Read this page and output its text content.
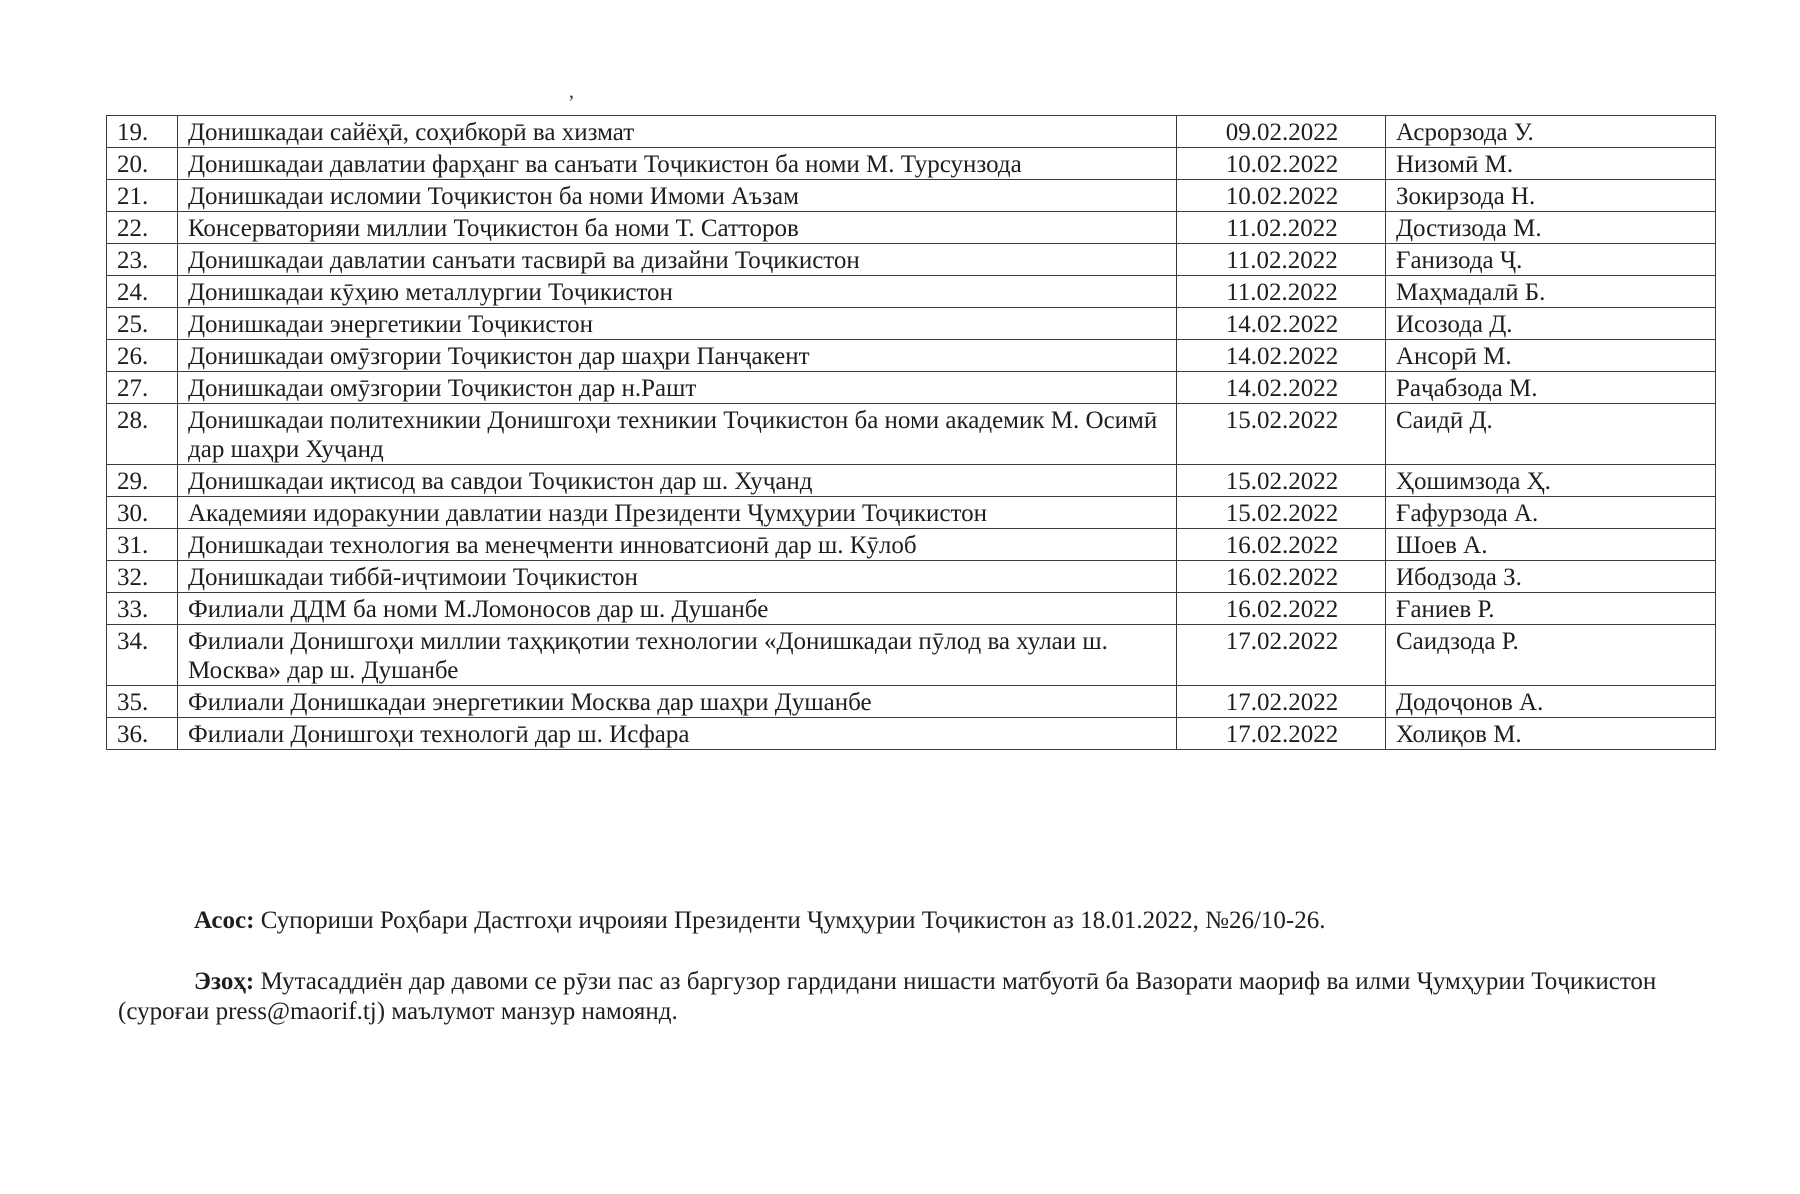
ʼ
19.	Донишкадаи сайёҳӣ, соҳибкорӣ ва хизмат	09.02.2022	Асрорзода У.
20.	Донишкадаи давлатии фарҳанг ва санъати Тоҷикистон ба номи М. Турсунзода	10.02.2022	Низомӣ М.
21.	Донишкадаи исломии Тоҷикистон ба номи Имоми Аъзам	10.02.2022	Зокирзода Н.
22.	Консерваторияи миллии Тоҷикистон ба номи Т. Сатторов	11.02.2022	Достизода М.
23.	Донишкадаи давлатии санъати тасвирӣ ва дизайни Тоҷикистон	11.02.2022	Ғанизода Ҷ.
24.	Донишкадаи кӯҳию металлургии Тоҷикистон	11.02.2022	Маҳмадалӣ Б.
25.	Донишкадаи энергетикии Тоҷикистон	14.02.2022	Исозода Д.
26.	Донишкадаи омӯзгории Тоҷикистон дар шаҳри Панҷакент	14.02.2022	Ансорӣ М.
27.	Донишкадаи омӯзгории Тоҷикистон дар н.Рашт	14.02.2022	Раҷабзода М.
28.	Донишкадаи политехникии Донишгоҳи техникии Тоҷикистон ба номи академик М. Осимӣ дар шаҳри Хуҷанд	15.02.2022	Саидӣ Д.
29.	Донишкадаи иқтисод ва савдои Тоҷикистон дар ш. Хуҷанд	15.02.2022	Ҳошимзода Ҳ.
30.	Академияи идоракунии давлатии назди Президенти Ҷумҳурии Тоҷикистон	15.02.2022	Ғафурзода А.
31.	Донишкадаи технология ва менеҷменти инноватсионӣ дар ш. Кӯлоб	16.02.2022	Шоев А.
32.	Донишкадаи тиббӣ-иҷтимоии Тоҷикистон	16.02.2022	Ибодзода З.
33.	Филиали ДДМ ба номи М.Ломоносов дар ш. Душанбе	16.02.2022	Ғаниев Р.
34.	Филиали Донишгоҳи миллии таҳқиқотии технологии «Донишкадаи пӯлод ва хулаи ш. Москва» дар ш. Душанбе	17.02.2022	Саидзода Р.
35.	Филиали Донишкадаи энергетикии Москва дар шаҳри Душанбе	17.02.2022	Додоҷонов А.
36.	Филиали Донишгоҳи технологӣ дар ш. Исфара	17.02.2022	Холиқов М.
Асос: Супориши Роҳбари Дастгоҳи иҷроияи Президенти Ҷумҳурии Тоҷикистон аз 18.01.2022, №26/10-26.
Эзоҳ: Мутасаддиён дар давоми се рӯзи пас аз баргузор гардидани нишасти матбуотӣ ба Вазорати маориф ва илми Ҷумҳурии Тоҷикистон (суроғаи press@maorif.tj) маълумот манзур намоянд.
